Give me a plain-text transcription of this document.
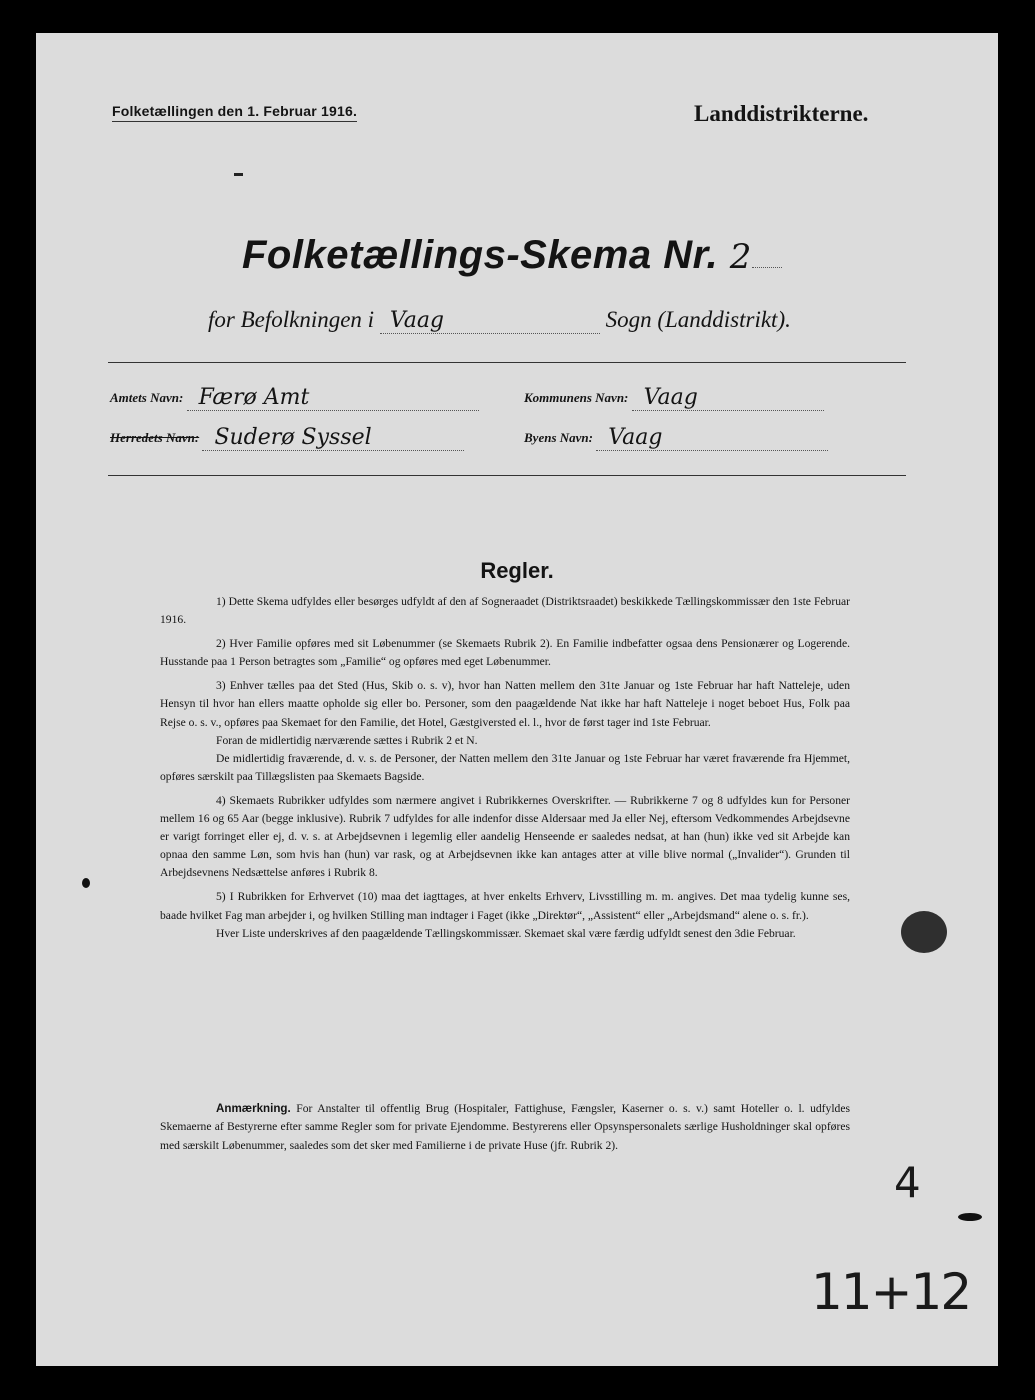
Folketællingen den 1. Februar 1916.	Landdistrikterne.
Folketællings-Skema Nr. 2
for Befolkningen i Vaag	Sogn (Landdistrikt).
Amtets Navn: Færø Amt	Kommunens Navn: Vaag
Herredets Navn: Suderø Syssel	Byens Navn: Vaag
Regler.

1) Dette Skema udfyldes eller besørges udfyldt af den af Sogneraadet (Distriktsraadet) beskikkede Tællingskommissær den 1ste Februar 1916.

2) Hver Familie opføres med sit Løbenummer (se Skemaets Rubrik 2). En Familie indbefatter ogsaa dens Pensionærer og Logerende. Husstande paa 1 Person betragtes som „Familie“ og opføres med eget Løbenummer.

3) Enhver tælles paa det Sted (Hus, Skib o. s. v), hvor han Natten mellem den 31te Januar og 1ste Februar har haft Natteleje, uden Hensyn til hvor han ellers maatte opholde sig eller bo. Personer, som den paagældende Nat ikke har haft Natteleje i noget beboet Hus, Folk paa Rejse o. s. v., opføres paa Skemaet for den Familie, det Hotel, Gæstgiversted el. l., hvor de først tager ind 1ste Februar.

Foran de midlertidig nærværende sættes i Rubrik 2 et N.

De midlertidig fraværende, d. v. s. de Personer, der Natten mellem den 31te Januar og 1ste Februar har været fraværende fra Hjemmet, opføres særskilt paa Tillægslisten paa Skemaets Bagside.

4) Skemaets Rubrikker udfyldes som nærmere angivet i Rubrikkernes Overskrifter. — Rubrikkerne 7 og 8 udfyldes kun for Personer mellem 16 og 65 Aar (begge inklusive). Rubrik 7 udfyldes for alle indenfor disse Aldersaar med Ja eller Nej, eftersom Vedkommendes Arbejdsevne er varigt forringet eller ej, d. v. s. at Arbejdsevnen i legemlig eller aandelig Henseende er saaledes nedsat, at han (hun) ikke ved sit Arbejde kan opnaa den samme Løn, som hvis han (hun) var rask, og at Arbejdsevnen ikke kan antages atter at ville blive normal („Invalider“). Grunden til Arbejdsevnens Nedsættelse anføres i Rubrik 8.

5) I Rubrikken for Erhvervet (10) maa det iagttages, at hver enkelts Erhverv, Livsstilling m. m. angives. Det maa tydelig kunne ses, baade hvilket Fag man arbejder i, og hvilken Stilling man indtager i Faget (ikke „Direktør“, „Assistent“ eller „Arbejdsmand“ alene o. s. fr.).

Hver Liste underskrives af den paagældende Tællingskommissær. Skemaet skal være færdig udfyldt senest den 3die Februar.

Anmærkning. For Anstalter til offentlig Brug (Hospitaler, Fattighuse, Fængsler, Kaserner o. s. v.) samt Hoteller o. l. udfyldes Skemaerne af Bestyrerne efter samme Regler som for private Ejendomme. Bestyrerens eller Opsynspersonalets særlige Husholdninger skal opføres med særskilt Løbenummer, saaledes som det sker med Familierne i de private Huse (jfr. Rubrik 2).

4
11+12
